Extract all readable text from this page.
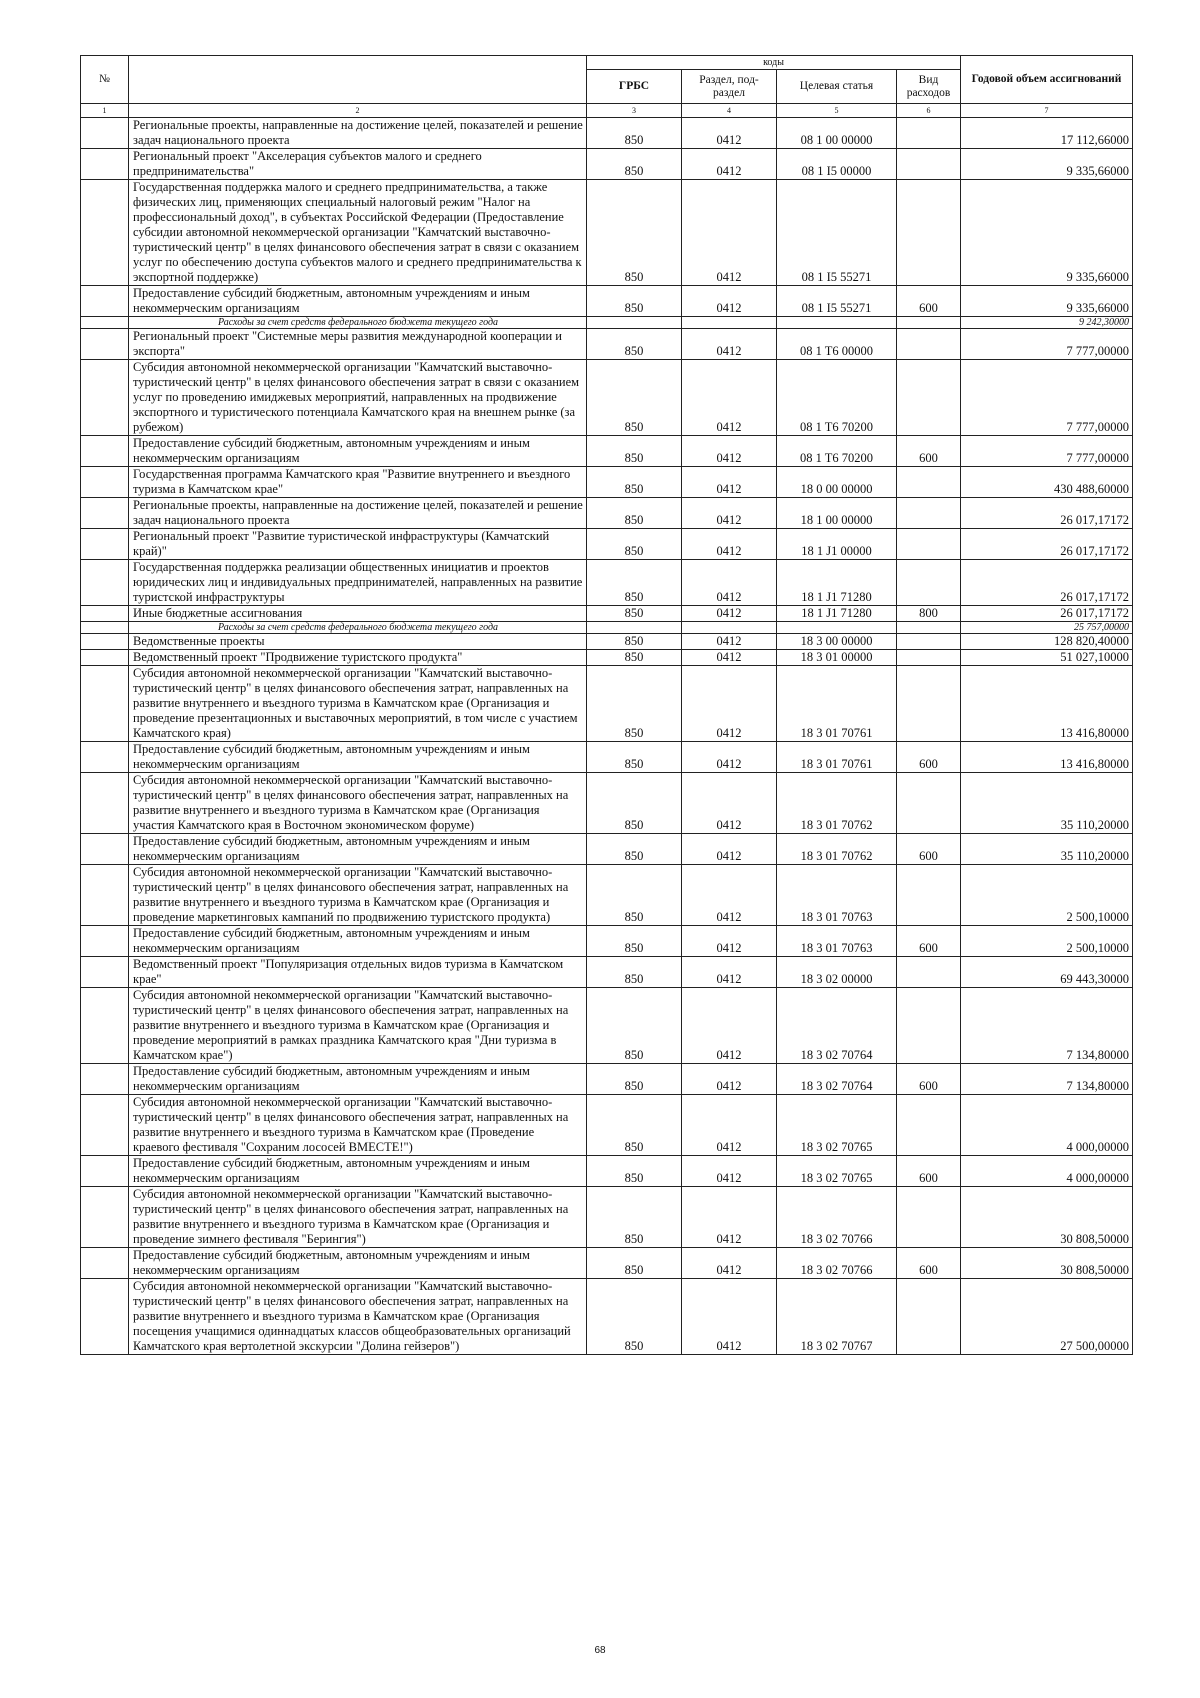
№		коды				Годовой объем ассигнований
		ГРБС	Раздел, под-раздел	Целевая статья	Вид расходов	
1	2	3	4	5	6	7
	Региональные проекты, направленные на достижение целей, показателей и решение задач национального проекта	850	0412	08 1 00 00000		17 112,66000
	Региональный проект "Акселерация субъектов малого и среднего предпринимательства"	850	0412	08 1 I5 00000		9 335,66000
	Государственная поддержка малого и среднего предпринимательства, а также физических лиц, применяющих специальный налоговый режим "Налог на профессиональный доход", в субъектах Российской Федерации (Предоставление субсидии автономной некоммерческой организации "Камчатский выставочно-туристический центр" в целях финансового обеспечения затрат в связи с оказанием услуг по обеспечению доступа субъектов малого и среднего предпринимательства к экспортной поддержке)	850	0412	08 1 I5 55271		9 335,66000
	Предоставление субсидий бюджетным, автономным учреждениям и иным некоммерческим организациям	850	0412	08 1 I5 55271	600	9 335,66000
	Расходы за счет средств федерального бюджета текущего года					9 242,30000
	Региональный проект "Системные меры развития международной кооперации и экспорта"	850	0412	08 1 T6 00000		7 777,00000
	Субсидия автономной некоммерческой организации "Камчатский выставочно-туристический центр" в целях финансового обеспечения затрат в связи с оказанием услуг по проведению имиджевых мероприятий, направленных на продвижение экспортного и туристического потенциала Камчатского края на внешнем рынке (за рубежом)	850	0412	08 1 T6 70200		7 777,00000
	Предоставление субсидий бюджетным, автономным учреждениям и иным некоммерческим организациям	850	0412	08 1 T6 70200	600	7 777,00000
	Государственная программа Камчатского края "Развитие внутреннего и въездного туризма в Камчатском крае"	850	0412	18 0 00 00000		430 488,60000
	Региональные проекты, направленные на достижение целей, показателей и решение задач национального проекта	850	0412	18 1 00 00000		26 017,17172
	Региональный проект "Развитие туристической инфраструктуры (Камчатский край)"	850	0412	18 1 J1 00000		26 017,17172
	Государственная поддержка реализации общественных инициатив и проектов юридических лиц и индивидуальных предпринимателей, направленных на развитие туристской инфраструктуры	850	0412	18 1 J1 71280		26 017,17172
	Иные бюджетные ассигнования	850	0412	18 1 J1 71280	800	26 017,17172
	Расходы за счет средств федерального бюджета текущего года					25 757,00000
	Ведомственные проекты	850	0412	18 3 00 00000		128 820,40000
	Ведомственный проект "Продвижение туристского продукта"	850	0412	18 3 01 00000		51 027,10000
	Субсидия автономной некоммерческой организации "Камчатский выставочно-туристический центр" в целях финансового обеспечения затрат, направленных на развитие внутреннего и въездного туризма в Камчатском крае (Организация и проведение презентационных и выставочных мероприятий, в том числе с участием Камчатского края)	850	0412	18 3 01 70761		13 416,80000
	Предоставление субсидий бюджетным, автономным учреждениям и иным некоммерческим организациям	850	0412	18 3 01 70761	600	13 416,80000
	Субсидия автономной некоммерческой организации "Камчатский выставочно-туристический центр" в целях финансового обеспечения затрат, направленных на развитие внутреннего и въездного туризма в Камчатском крае (Организация участия Камчатского края в Восточном экономическом форуме)	850	0412	18 3 01 70762		35 110,20000
	Предоставление субсидий бюджетным, автономным учреждениям и иным некоммерческим организациям	850	0412	18 3 01 70762	600	35 110,20000
	Субсидия автономной некоммерческой организации "Камчатский выставочно-туристический центр" в целях финансового обеспечения затрат, направленных на развитие внутреннего и въездного туризма в Камчатском крае (Организация и проведение маркетинговых кампаний по продвижению туристского продукта)	850	0412	18 3 01 70763		2 500,10000
	Предоставление субсидий бюджетным, автономным учреждениям и иным некоммерческим организациям	850	0412	18 3 01 70763	600	2 500,10000
	Ведомственный проект "Популяризация отдельных видов туризма в Камчатском крае"	850	0412	18 3 02 00000		69 443,30000
	Субсидия автономной некоммерческой организации "Камчатский выставочно-туристический центр" в целях финансового обеспечения затрат, направленных на развитие внутреннего и въездного туризма в Камчатском крае (Организация и проведение мероприятий в рамках праздника Камчатского края "Дни туризма в Камчатском крае")	850	0412	18 3 02 70764		7 134,80000
	Предоставление субсидий бюджетным, автономным учреждениям и иным некоммерческим организациям	850	0412	18 3 02 70764	600	7 134,80000
	Субсидия автономной некоммерческой организации "Камчатский выставочно-туристический центр" в целях финансового обеспечения затрат, направленных на развитие внутреннего и въездного туризма в Камчатском крае (Проведение краевого фестиваля "Сохраним лососей ВМЕСТЕ!")	850	0412	18 3 02 70765		4 000,00000
	Предоставление субсидий бюджетным, автономным учреждениям и иным некоммерческим организациям	850	0412	18 3 02 70765	600	4 000,00000
	Субсидия автономной некоммерческой организации "Камчатский выставочно-туристический центр" в целях финансового обеспечения затрат, направленных на развитие внутреннего и въездного туризма в Камчатском крае (Организация и проведение зимнего фестиваля "Берингия")	850	0412	18 3 02 70766		30 808,50000
	Предоставление субсидий бюджетным, автономным учреждениям и иным некоммерческим организациям	850	0412	18 3 02 70766	600	30 808,50000
	Субсидия автономной некоммерческой организации "Камчатский выставочно-туристический центр" в целях финансового обеспечения затрат, направленных на развитие внутреннего и въездного туризма в Камчатском крае (Организация посещения учащимися одиннадцатых классов общеобразовательных организаций Камчатского края вертолетной экскурсии "Долина гейзеров")	850	0412	18 3 02 70767		27 500,00000
68
